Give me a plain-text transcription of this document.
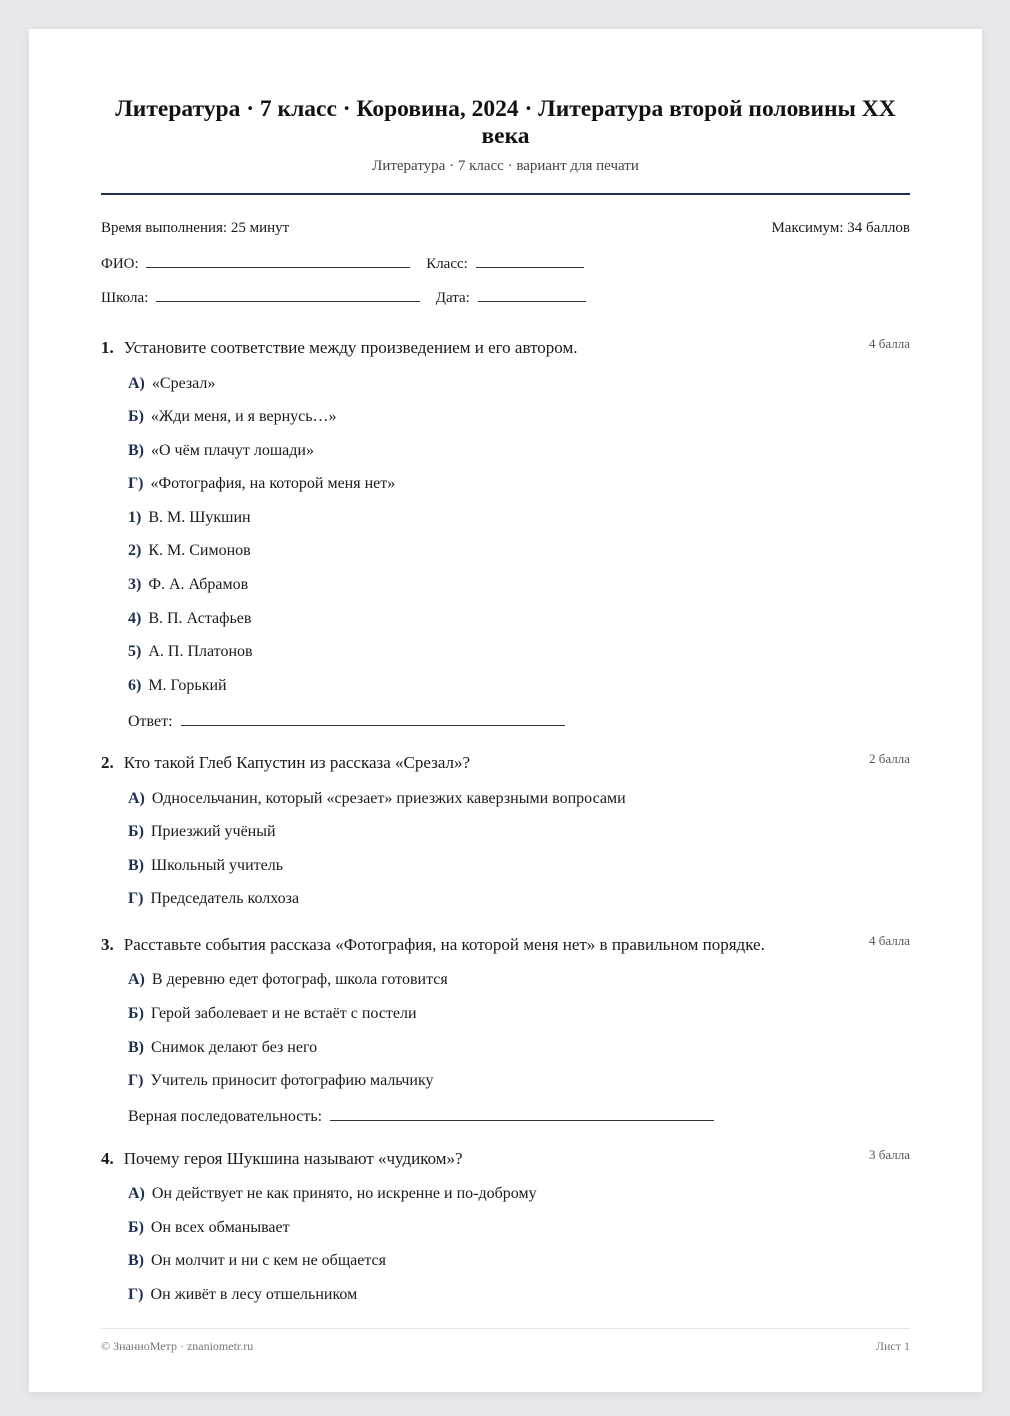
Литература · 7 класс · Коровина, 2024 · Литература второй половины XX века
Литература · 7 класс · вариант для печати
Время выполнения: 25 минут	Максимум: 34 баллов
ФИО:	Класс:
Школа:	Дата:
1. Установите соответствие между произведением и его автором.	4 балла
А) «Срезал»
Б) «Жди меня, и я вернусь…»
В) «О чём плачут лошади»
Г) «Фотография, на которой меня нет»
1) В. М. Шукшин
2) К. М. Симонов
3) Ф. А. Абрамов
4) В. П. Астафьев
5) А. П. Платонов
6) М. Горький
Ответ:
2. Кто такой Глеб Капустин из рассказа «Срезал»?	2 балла
А) Односельчанин, который «срезает» приезжих каверзными вопросами
Б) Приезжий учёный
В) Школьный учитель
Г) Председатель колхоза
3. Расставьте события рассказа «Фотография, на которой меня нет» в правильном порядке.	4 балла
А) В деревню едет фотограф, школа готовится
Б) Герой заболевает и не встаёт с постели
В) Снимок делают без него
Г) Учитель приносит фотографию мальчику
Верная последовательность:
4. Почему героя Шукшина называют «чудиком»?	3 балла
А) Он действует не как принято, но искренне и по-доброму
Б) Он всех обманывает
В) Он молчит и ни с кем не общается
Г) Он живёт в лесу отшельником
© ЗнаниоМетр · znaniometr.ru	Лист 1
